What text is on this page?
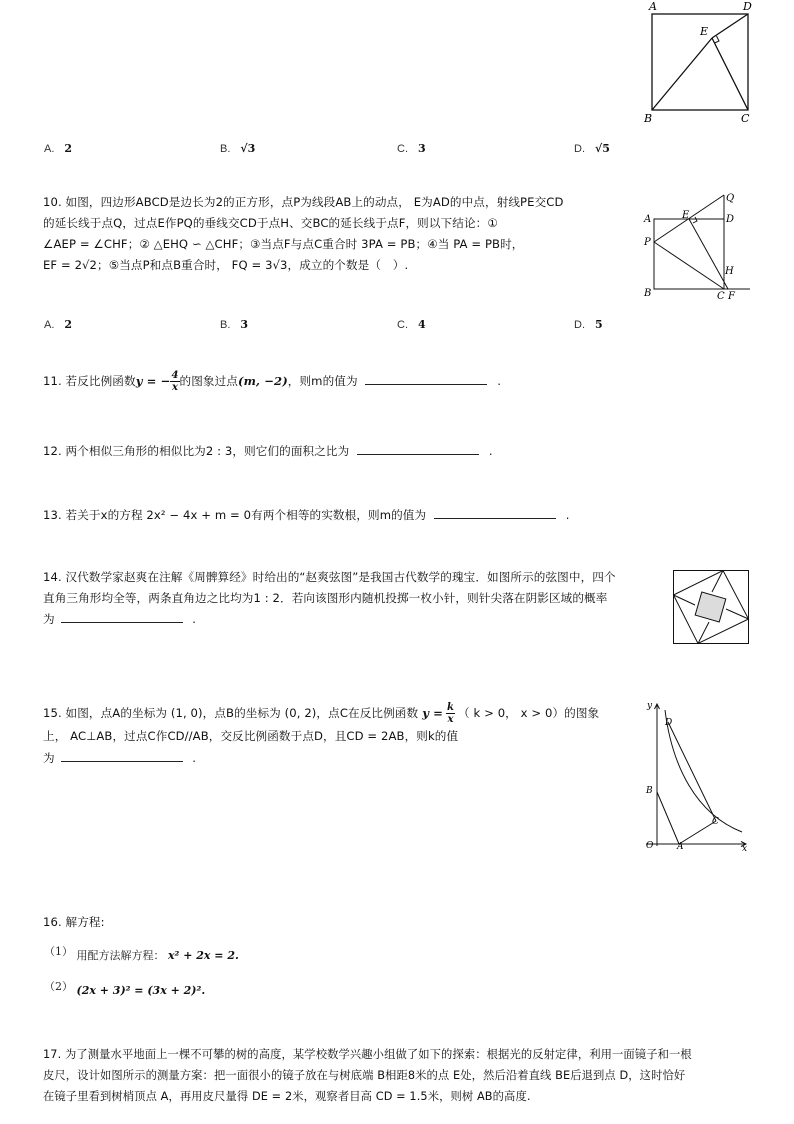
A	D
E
B	C
A. 2	B. √3	C. 3	D. √5
10. 如图，四边形ABCD是边长为2的正方形，点P为线段AB上的动点， E为AD的中点，射线PE交CD
的延长线于点Q，过点E作PQ的垂线交CD于点H、交BC的延长线于点F，则以下结论：①
∠AEP = ∠CHF；② △EHQ ∽ △CHF；③当点F与点C重合时 3PA = PB；④当 PA = PB时，
EF = 2√2；⑤当点P和点B重合时， FQ = 3√3，成立的个数是（　）.
Q
A	E	D
P
H
B	C F
A. 2	B. 3	C. 4	D. 5
11. 若反比例函数y = − $\frac{4}{x}$ 的图象过点(m, −2)，则m的值为	.
12. 两个相似三角形的相似比为2 : 3，则它们的面积之比为	.
13. 若关于x的方程 2x² − 4x + m = 0有两个相等的实数根，则m的值为	.
14. 汉代数学家赵爽在注解《周髀算经》时给出的“赵爽弦图”是我国古代数学的瑰宝．如图所示的弦图中，四个
直角三角形均全等，两条直角边之比均为1 : 2．若向该图形内随机投掷一枚小针，则针尖落在阴影区域的概率
为	.
15. 如图，点A的坐标为 (1, 0)，点B的坐标为 (0, 2)，点C在反比例函数 $y = \frac{k}{x}$ （ k > 0， x > 0）的图象
上， AC⊥AB，过点C作CD//AB，交反比例函数于点D，且CD = 2AB，则k的值
为	.
y
D
B
C
O	A	x
16. 解方程:
（1） 用配方法解方程： x² + 2x = 2.
（2） (2x + 3)² = (3x + 2)².
17. 为了测量水平地面上一棵不可攀的树的高度，某学校数学兴趣小组做了如下的探索：根据光的反射定律，利用一面镜子和一根
皮尺，设计如图所示的测量方案：把一面很小的镜子放在与树底端 B相距8米的点 E处，然后沿着直线 BE后退到点 D，这时恰好
在镜子里看到树梢顶点 A，再用皮尺量得 DE = 2米，观察者目高 CD = 1.5米，则树 AB的高度.
